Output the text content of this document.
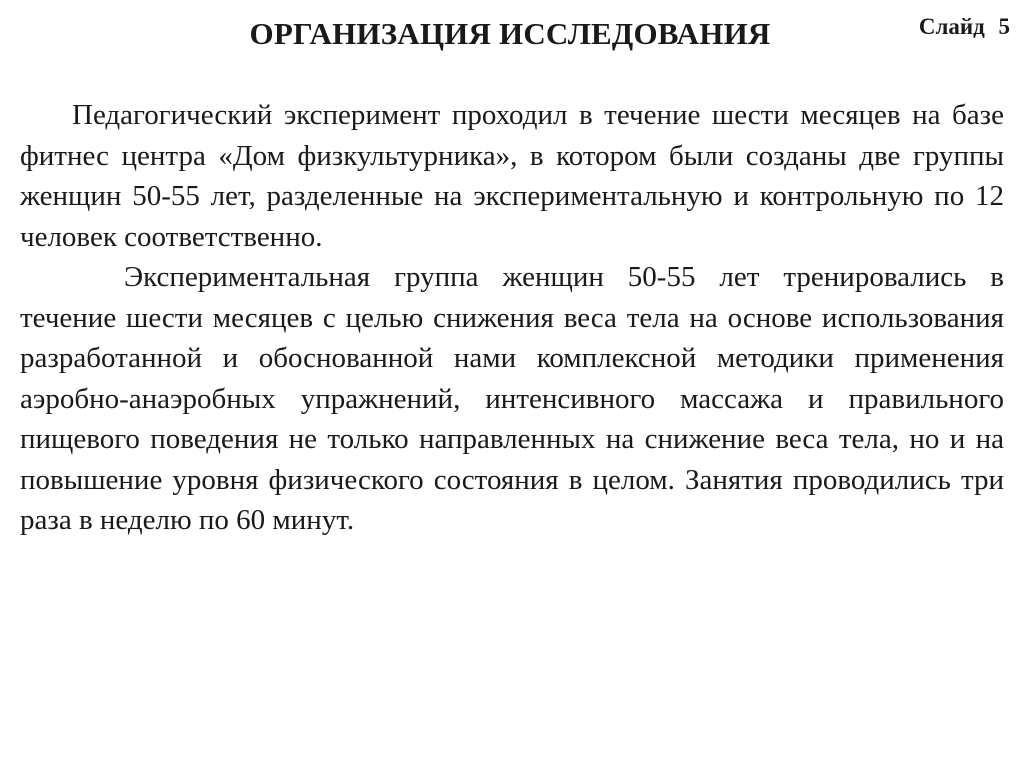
ОРГАНИЗАЦИЯ ИССЛЕДОВАНИЯ	Слайд 5

Педагогический эксперимент проходил в течение шести месяцев на базе фитнес центра «Дом физкультурника», в котором были созданы две группы женщин 50-55 лет, разделенные на экспериментальную и контрольную по 12 человек соответственно.

Экспериментальная группа женщин 50-55 лет тренировались в течение шести месяцев с целью снижения веса тела на основе использования разработанной и обоснованной нами комплексной методики применения аэробно-анаэробных упражнений, интенсивного массажа и правильного пищевого поведения не только направленных на снижение веса тела, но и на повышение уровня физического состояния в целом. Занятия проводились три раза в неделю по 60 минут.
